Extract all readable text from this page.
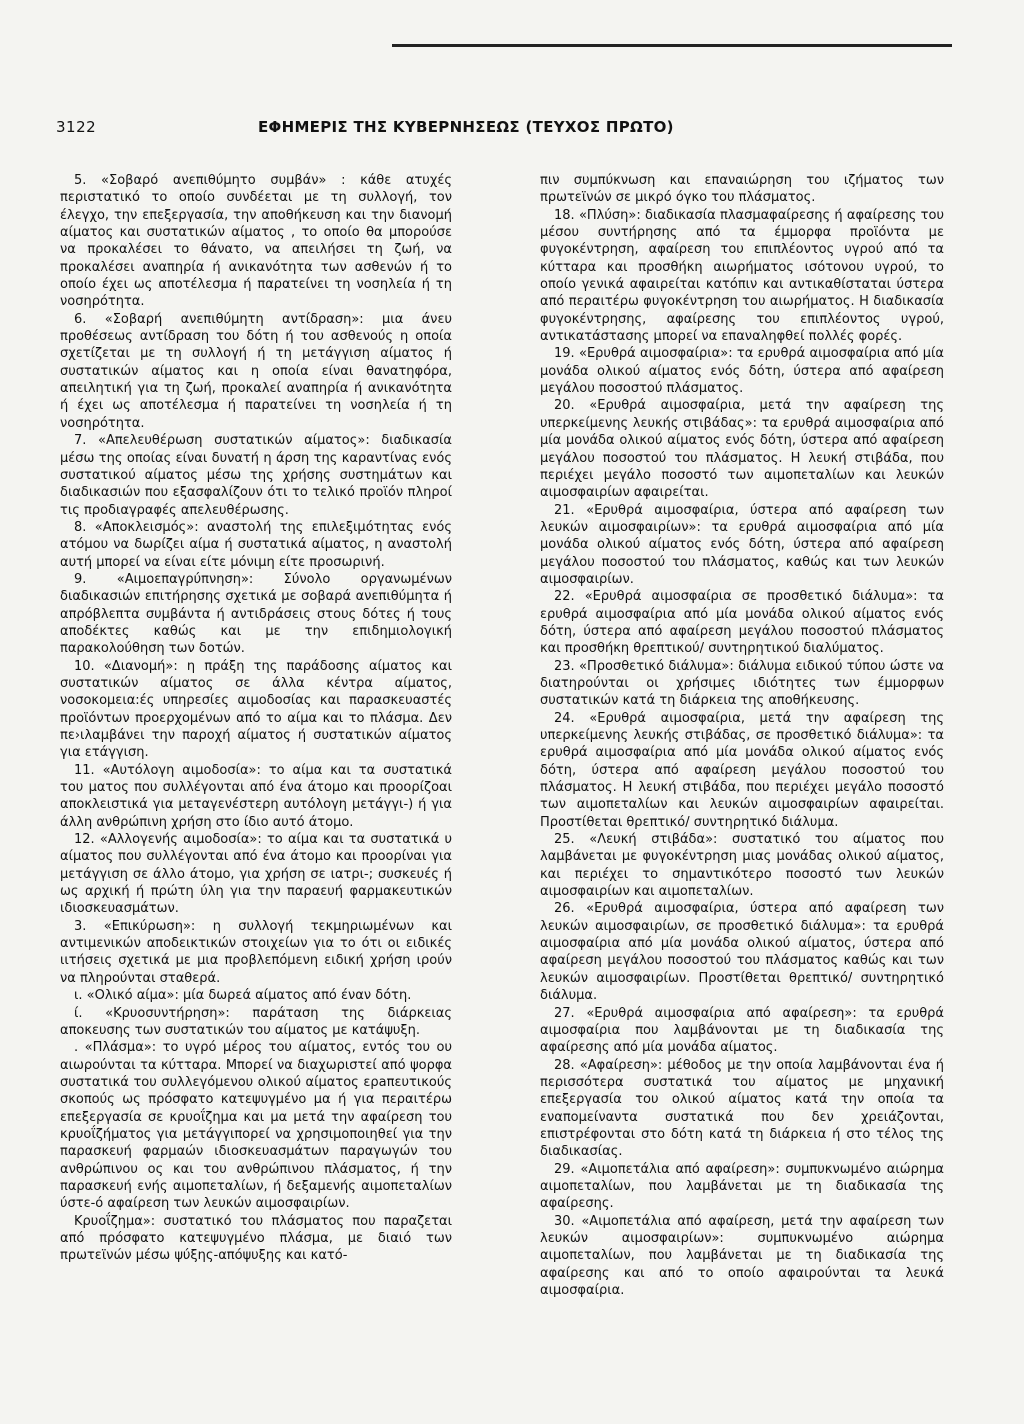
3122	ΕΦΗΜΕΡΙΣ ΤΗΣ ΚΥΒΕΡΝΗΣΕΩΣ (ΤΕΥΧΟΣ ΠΡΩΤΟ)

5. «Σοβαρό ανεπιθύμητο συμβάν» : κάθε ατυχές περιστατικό το οποίο συνδέεται με τη συλλογή, τον έλεγχο, την επεξεργασία, την αποθήκευση και την διανομή αίματος και συστατικών αίματος , το οποίο θα μπορούσε να προκαλέσει το θάνατο, να απειλήσει τη ζωή, να προκαλέσει αναπηρία ή ανικανότητα των ασθενών ή το οποίο έχει ως αποτέλεσμα ή παρατείνει τη νοσηλεία ή τη νοσηρότητα.

6. «Σοβαρή ανεπιθύμητη αντίδραση»: μια άνευ προθέσεως αντίδραση του δότη ή του ασθενούς η οποία σχετίζεται με τη συλλογή ή τη μετάγγιση αίματος ή συστατικών αίματος και η οποία είναι θανατηφόρα, απειλητική για τη ζωή, προκαλεί αναπηρία ή ανικανότητα ή έχει ως αποτέλεσμα ή παρατείνει τη νοσηλεία ή τη νοσηρότητα.

7. «Απελευθέρωση συστατικών αίματος»: διαδικασία μέσω της οποίας είναι δυνατή η άρση της καραντίνας ενός συστατικού αίματος μέσω της χρήσης συστημάτων και διαδικασιών που εξασφαλίζουν ότι το τελικό προϊόν πληροί τις προδιαγραφές απελευθέρωσης.

8. «Αποκλεισμός»: αναστολή της επιλεξιμότητας ενός ατόμου να δωρίζει αίμα ή συστατικά αίματος, η αναστολή αυτή μπορεί να είναι είτε μόνιμη είτε προσωρινή.

9. «Αιμοεπαγρύπνηση»: Σύνολο οργανωμένων διαδικασιών επιτήρησης σχετικά με σοβαρά ανεπιθύμητα ή απρόβλεπτα συμβάντα ή αντιδράσεις στους δότες ή τους αποδέκτες καθώς και με την επιδημιολογική παρακολούθηση των δοτών.

10. «Διανομή»: η πράξη της παράδοσης αίματος και συστατικών αίματος σε άλλα κέντρα αίματος, νοσοκομεια:ές υπηρεσίες αιμοδοσίας και παρασκευαστές προϊόντων προερχομένων από το αίμα και το πλάσμα. Δεν πε›ιλαμβάνει την παροχή αίματος ή συστατικών αίματος για ετάγγιση.

11. «Αυτόλογη αιμοδοσία»: το αίμα και τα συστατικά του ματος που συλλέγονται από ένα άτομο και προορίζοαι αποκλειστικά για μεταγενέστερη αυτόλογη μετάγγι-) ή για άλλη ανθρώπινη χρήση στο ίδιο αυτό άτομο.

12. «Αλλογενής αιμοδοσία»: το αίμα και τα συστατικά υ αίματος που συλλέγονται από ένα άτομο και προορίναι για μετάγγιση σε άλλο άτομο, για χρήση σε ιατρι-; συσκευές ή ως αρχική ή πρώτη ύλη για την παραευή φαρμακευτικών ιδιοσκευασμάτων.

3. «Επικύρωση»: η συλλογή τεκμηριωμένων και αντιμενικών αποδεικτικών στοιχείων για το ότι οι ειδικές ιιτήσεις σχετικά με μια προβλεπόμενη ειδική χρήση ιρούν να πληρούνται σταθερά.

ι. «Ολικό αίμα»: μία δωρεά αίματος από έναν δότη.

ί. «Κρυοσυντήρηση»: παράταση της διάρκειας αποκευσης των συστατικών του αίματος με κατάψυξη.

. «Πλάσμα»: το υγρό μέρος του αίματος, εντός του ου αιωρούνται τα κύτταρα. Μπορεί να διαχωριστεί από ψορφα συστατικά του συλλεγόμενου ολικού αίματος ερaπευτικούς σκοπούς ως πρόσφατο κατεψυγμένο μα ή για περαιτέρω επεξεργασία σε κρυοΐζημα και μα μετά την αφαίρεση του κρυοΐζήματος για μετάγγιπορεί να χρησιμοποιηθεί για την παρασκευή φαρμαών ιδιοσκευασμάτων παραγωγών του ανθρώπινου ος και του ανθρώπινου πλάσματος, ή την παρασκευή ενής αιμοπεταλίων, ή δεξαμενής αιμοπεταλίων ύστε-ό αφαίρεση των λευκών αιμοσφαιρίων.

Κρυοΐζημα»: συστατικό του πλάσματος που παραζεται από πρόσφατο κατεψυγμένο πλάσμα, με διαιό των πρωτεϊνών μέσω ψύξης-απόψυξης και κατό-

πιν συμπύκνωση και επαναιώρηση του ιζήματος των πρωτεϊνών σε μικρό όγκο του πλάσματος.

18. «Πλύση»: διαδικασία πλασμαφαίρεσης ή αφαίρεσης του μέσου συντήρησης από τα έμμορφα προϊόντα με φυγοκέντρηση, αφαίρεση του επιπλέοντος υγρού από τα κύτταρα και προσθήκη αιωρήματος ισότονου υγρού, το οποίο γενικά αφαιρείται κατόπιν και αντικαθίσταται ύστερα από περαιτέρω φυγοκέντρηση του αιωρήματος. Η διαδικασία φυγοκέντρησης, αφαίρεσης του επιπλέοντος υγρού, αντικατάστασης μπορεί να επαναληφθεί πολλές φορές.

19. «Ερυθρά αιμοσφαίρια»: τα ερυθρά αιμοσφαίρια από μία μονάδα ολικού αίματος ενός δότη, ύστερα από αφαίρεση μεγάλου ποσοστού πλάσματος.

20. «Ερυθρά αιμοσφαίρια, μετά την αφαίρεση της υπερκείμενης λευκής στιβάδας»: τα ερυθρά αιμοσφαίρια από μία μονάδα ολικού αίματος ενός δότη, ύστερα από αφαίρεση μεγάλου ποσοστού του πλάσματος. Η λευκή στιβάδα, που περιέχει μεγάλο ποσοστό των αιμοπεταλίων και λευκών αιμοσφαιρίων αφαιρείται.

21. «Ερυθρά αιμοσφαίρια, ύστερα από αφαίρεση των λευκών αιμοσφαιρίων»: τα ερυθρά αιμοσφαίρια από μία μονάδα ολικού αίματος ενός δότη, ύστερα από αφαίρεση μεγάλου ποσοστού του πλάσματος, καθώς και των λευκών αιμοσφαιρίων.

22. «Ερυθρά αιμοσφαίρια σε προσθετικό διάλυμα»: τα ερυθρά αιμοσφαίρια από μία μονάδα ολικού αίματος ενός δότη, ύστερα από αφαίρεση μεγάλου ποσοστού πλάσματος και προσθήκη θρεπτικού/ συντηρητικού διαλύματος.

23. «Προσθετικό διάλυμα»: διάλυμα ειδικού τύπου ώστε να διατηρούνται οι χρήσιμες ιδιότητες των έμμορφων συστατικών κατά τη διάρκεια της αποθήκευσης.

24. «Ερυθρά αιμοσφαίρια, μετά την αφαίρεση της υπερκείμενης λευκής στιβάδας, σε προσθετικό διάλυμα»: τα ερυθρά αιμοσφαίρια από μία μονάδα ολικού αίματος ενός δότη, ύστερα από αφαίρεση μεγάλου ποσοστού του πλάσματος. Η λευκή στιβάδα, που περιέχει μεγάλο ποσοστό των αιμοπεταλίων και λευκών αιμοσφαιρίων αφαιρείται. Προστίθεται θρεπτικό/ συντηρητικό διάλυμα.

25. «Λευκή στιβάδα»: συστατικό του αίματος που λαμβάνεται με φυγοκέντρηση μιας μονάδας ολικού αίματος, και περιέχει το σημαντικότερο ποσοστό των λευκών αιμοσφαιρίων και αιμοπεταλίων.

26. «Ερυθρά αιμοσφαίρια, ύστερα από αφαίρεση των λευκών αιμοσφαιρίων, σε προσθετικό διάλυμα»: τα ερυθρά αιμοσφαίρια από μία μονάδα ολικού αίματος, ύστερα από αφαίρεση μεγάλου ποσοστού του πλάσματος καθώς και των λευκών αιμοσφαιρίων. Προστίθεται θρεπτικό/ συντηρητικό διάλυμα.

27. «Ερυθρά αιμοσφαίρια από αφαίρεση»: τα ερυθρά αιμοσφαίρια που λαμβάνονται με τη διαδικασία της αφαίρεσης από μία μονάδα αίματος.

28. «Αφαίρεση»: μέθοδος με την οποία λαμβάνονται ένα ή περισσότερα συστατικά του αίματος με μηχανική επεξεργασία του ολικού αίματος κατά την οποία τα εναπομείναντα συστατικά που δεν χρειάζονται, επιστρέφονται στο δότη κατά τη διάρκεια ή στο τέλος της διαδικασίας.

29. «Αιμοπετάλια από αφαίρεση»: συμπυκνωμένο αιώρημα αιμοπεταλίων, που λαμβάνεται με τη διαδικασία της αφαίρεσης.

30. «Αιμοπετάλια από αφαίρεση, μετά την αφαίρεση των λευκών αιμοσφαιρίων»: συμπυκνωμένο αιώρημα αιμοπεταλίων, που λαμβάνεται με τη διαδικασία της αφαίρεσης και από το οποίο αφαιρούνται τα λευκά αιμοσφαίρια.
